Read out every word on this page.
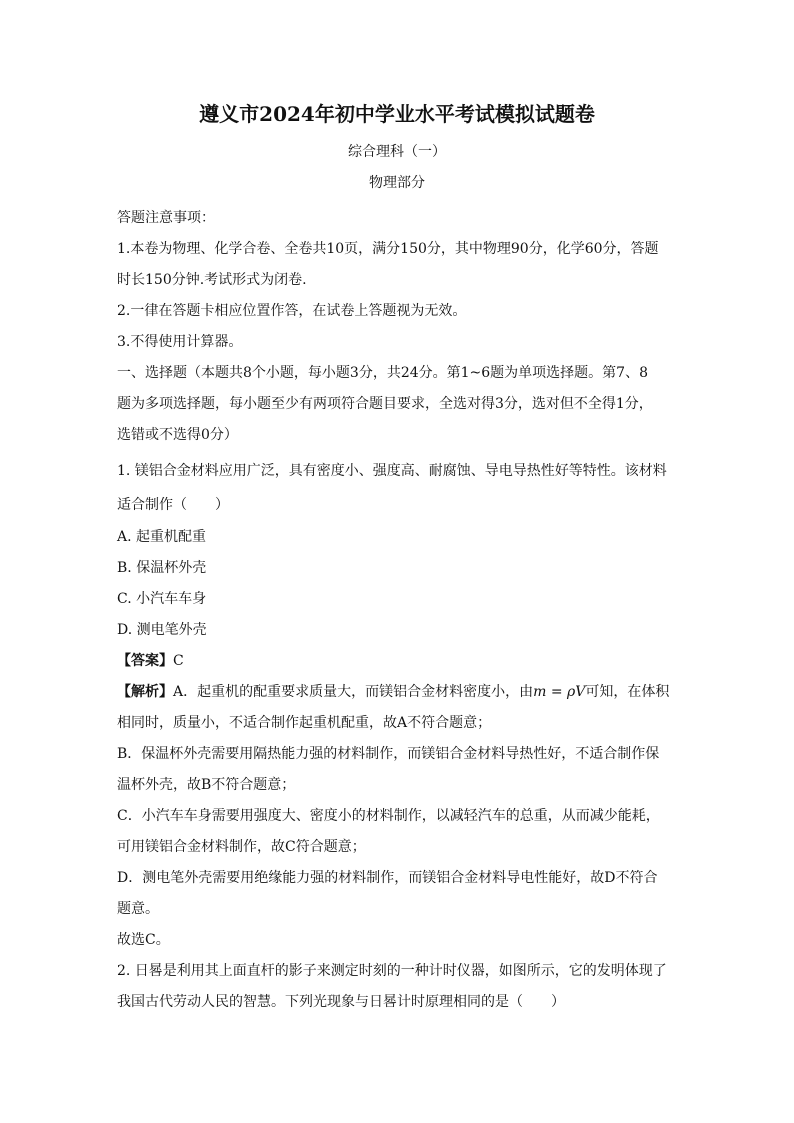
遵义市2024年初中学业水平考试模拟试题卷
综合理科（一）
物理部分
答题注意事项：
1.本卷为物理、化学合卷、全卷共10页，满分150分，其中物理90分，化学60分，答题
时长150分钟.考试形式为闭卷.
2.一律在答题卡相应位置作答，在试卷上答题视为无效。
3.不得使用计算器。
一、选择题（本题共8个小题，每小题3分，共24分。第1~6题为单项选择题。第7、8
题为多项选择题，每小题至少有两项符合题目要求，全选对得3分，选对但不全得1分，
选错或不选得0分）
1. 镁铝合金材料应用广泛，具有密度小、强度高、耐腐蚀、导电导热性好等特性。该材料
适合制作（　　）
A. 起重机配重
B. 保温杯外壳
C. 小汽车车身
D. 测电笔外壳
【答案】C
【解析】A．起重机的配重要求质量大，而镁铝合金材料密度小，由m = ρV可知，在体积
相同时，质量小，不适合制作起重机配重，故A不符合题意；
B．保温杯外壳需要用隔热能力强的材料制作，而镁铝合金材料导热性好，不适合制作保
温杯外壳，故B不符合题意；
C．小汽车车身需要用强度大、密度小的材料制作，以减轻汽车的总重，从而减少能耗，
可用镁铝合金材料制作，故C符合题意；
D．测电笔外壳需要用绝缘能力强的材料制作，而镁铝合金材料导电性能好，故D不符合
题意。
故选C。
2. 日晷是利用其上面直杆的影子来测定时刻的一种计时仪器，如图所示，它的发明体现了
我国古代劳动人民的智慧。下列光现象与日晷计时原理相同的是（　　）
